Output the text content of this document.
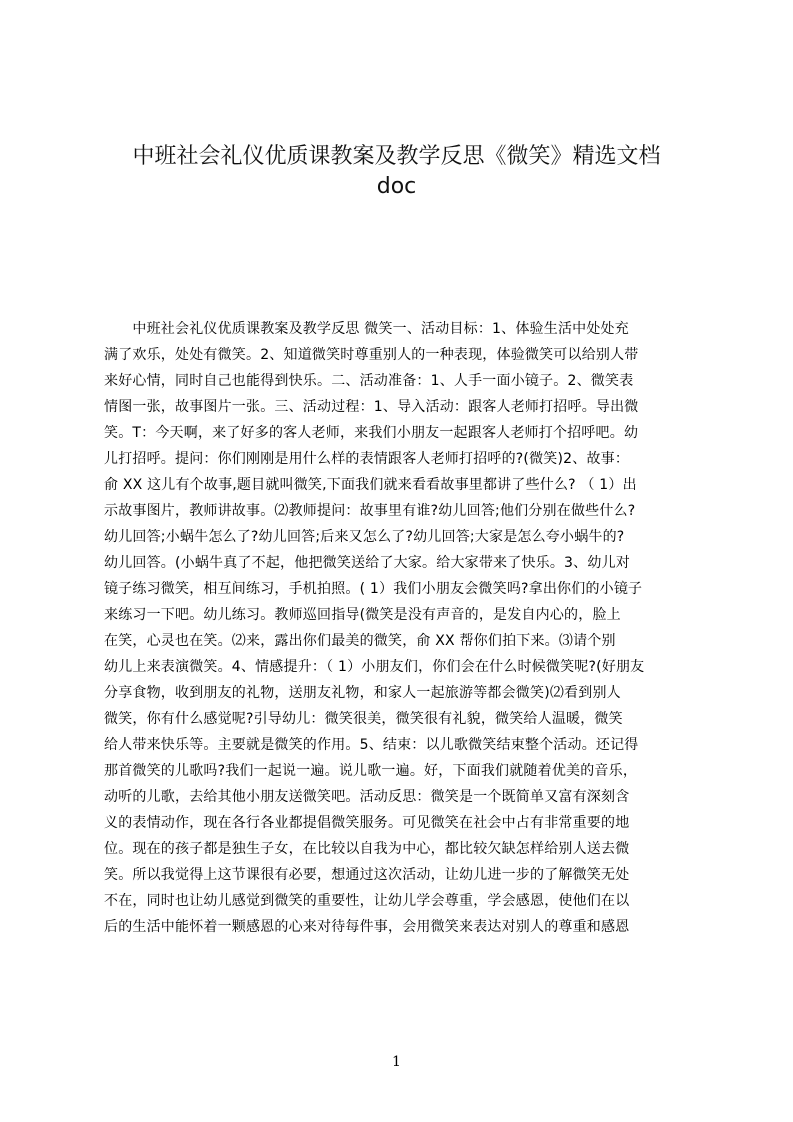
中班社会礼仪优质课教案及教学反思《微笑》精选文档
doc
　　中班社会礼仪优质课教案及教学反思 微笑一、活动目标：1、体验生活中处处充
满了欢乐，处处有微笑。2、知道微笑时尊重别人的一种表现，体验微笑可以给别人带
来好心情，同时自己也能得到快乐。二、活动准备：1、人手一面小镜子。2、微笑表
情图一张，故事图片一张。三、活动过程：1、导入活动：跟客人老师打招呼。导出微
笑。T：今天啊，来了好多的客人老师，来我们小朋友一起跟客人老师打个招呼吧。幼
儿打招呼。提问：你们刚刚是用什么样的表情跟客人老师打招呼的?(微笑)2、故事：
俞 XX 这儿有个故事,题目就叫微笑,下面我们就来看看故事里都讲了些什么? （ 1）出
示故事图片，教师讲故事。⑵教师提问：故事里有谁?幼儿回答;他们分别在做些什么?
幼儿回答;小蜗牛怎么了?幼儿回答;后来又怎么了?幼儿回答;大家是怎么夸小蜗牛的?
幼儿回答。(小蜗牛真了不起，他把微笑送给了大家。给大家带来了快乐。3、幼儿对
镜子练习微笑，相互间练习，手机拍照。( 1）我们小朋友会微笑吗?拿出你们的小镜子
来练习一下吧。幼儿练习。教师巡回指导(微笑是没有声音的，是发自内心的，脸上
在笑，心灵也在笑。⑵来，露出你们最美的微笑，俞 XX 帮你们拍下来。⑶请个别
幼儿上来表演微笑。4、情感提升：（ 1）小朋友们，你们会在什么时候微笑呢?(好朋友
分享食物，收到朋友的礼物，送朋友礼物，和家人一起旅游等都会微笑)⑵看到别人
微笑，你有什么感觉呢?引导幼儿：微笑很美，微笑很有礼貌，微笑给人温暖，微笑
给人带来快乐等。主要就是微笑的作用。5、结束：以儿歌微笑结束整个活动。还记得
那首微笑的儿歌吗?我们一起说一遍。说儿歌一遍。好，下面我们就随着优美的音乐，
动听的儿歌，去给其他小朋友送微笑吧。活动反思：微笑是一个既简单又富有深刻含
义的表情动作，现在各行各业都提倡微笑服务。可见微笑在社会中占有非常重要的地
位。现在的孩子都是独生子女，在比较以自我为中心，都比较欠缺怎样给别人送去微
笑。所以我觉得上这节课很有必要，想通过这次活动，让幼儿进一步的了解微笑无处
不在，同时也让幼儿感觉到微笑的重要性，让幼儿学会尊重，学会感恩，使他们在以
后的生活中能怀着一颗感恩的心来对待每件事，会用微笑来表达对别人的尊重和感恩
1
